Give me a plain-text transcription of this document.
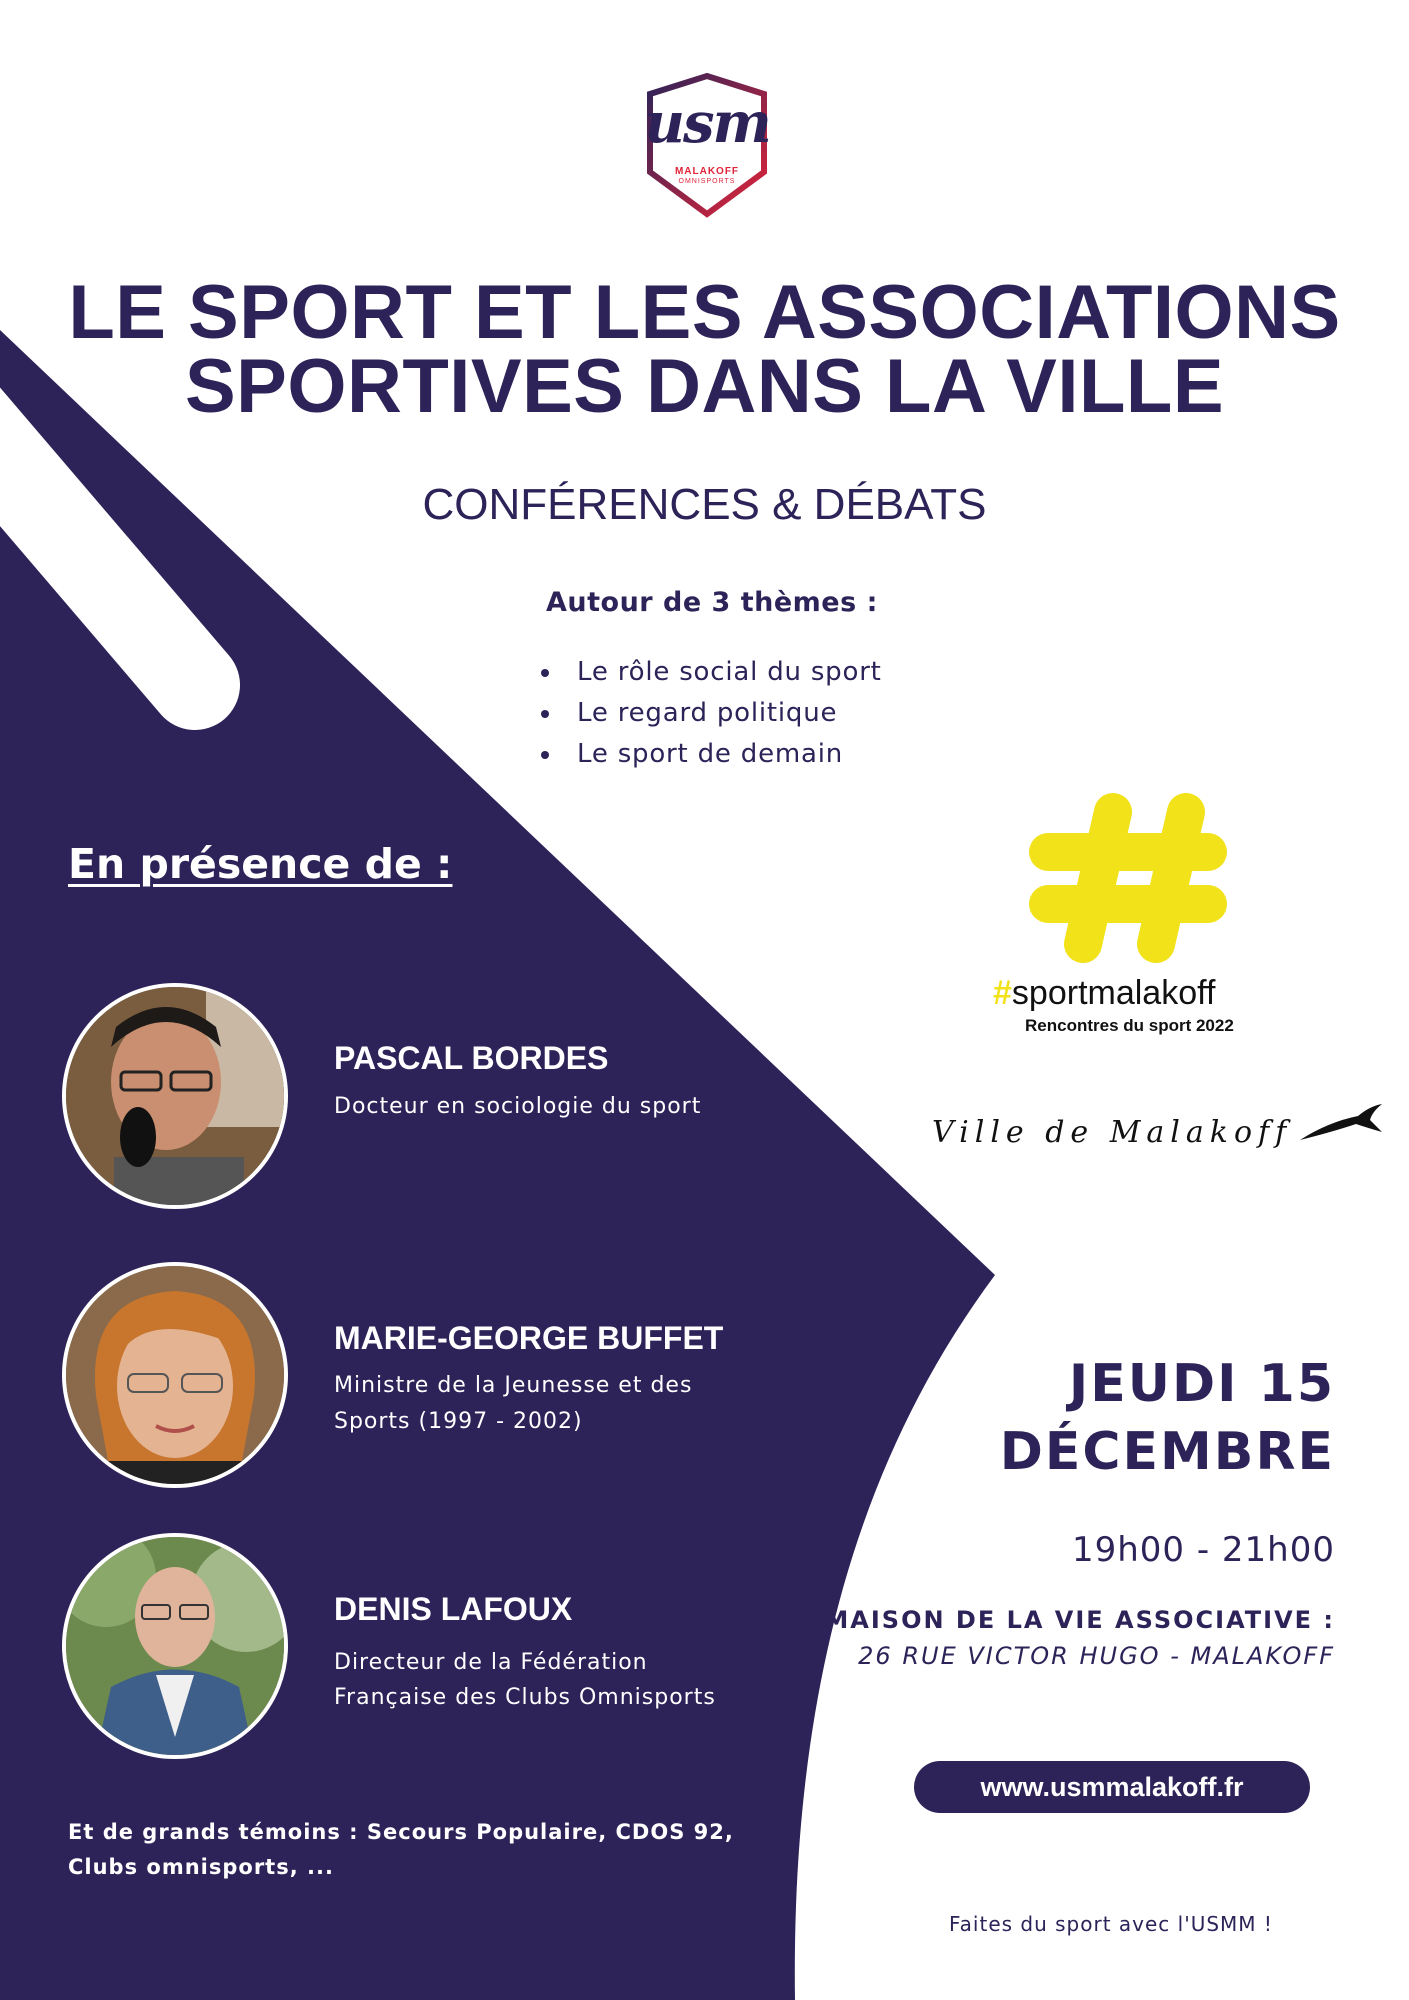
usm
MALAKOFF
OMNISPORTS
LE SPORT ET LES ASSOCIATIONS
SPORTIVES DANS LA VILLE
CONFÉRENCES & DÉBATS
Autour de 3 thèmes :
Le rôle social du sport
Le regard politique
Le sport de demain
En présence de :
PASCAL BORDES
Docteur en sociologie du sport
MARIE-GEORGE BUFFET
Ministre de la Jeunesse et des
Sports (1997 - 2002)
DENIS LAFOUX
Directeur de la Fédération
Française des Clubs Omnisports
Et de grands témoins : Secours Populaire, CDOS 92,
Clubs omnisports, ...
#sportmalakoff
Rencontres du sport 2022
Ville de Malakoff
JEUDI 15
DÉCEMBRE
19h00 - 21h00
MAISON DE LA VIE ASSOCIATIVE :
26 RUE VICTOR HUGO - MALAKOFF
www.usmmalakoff.fr
Faites du sport avec l'USMM !
